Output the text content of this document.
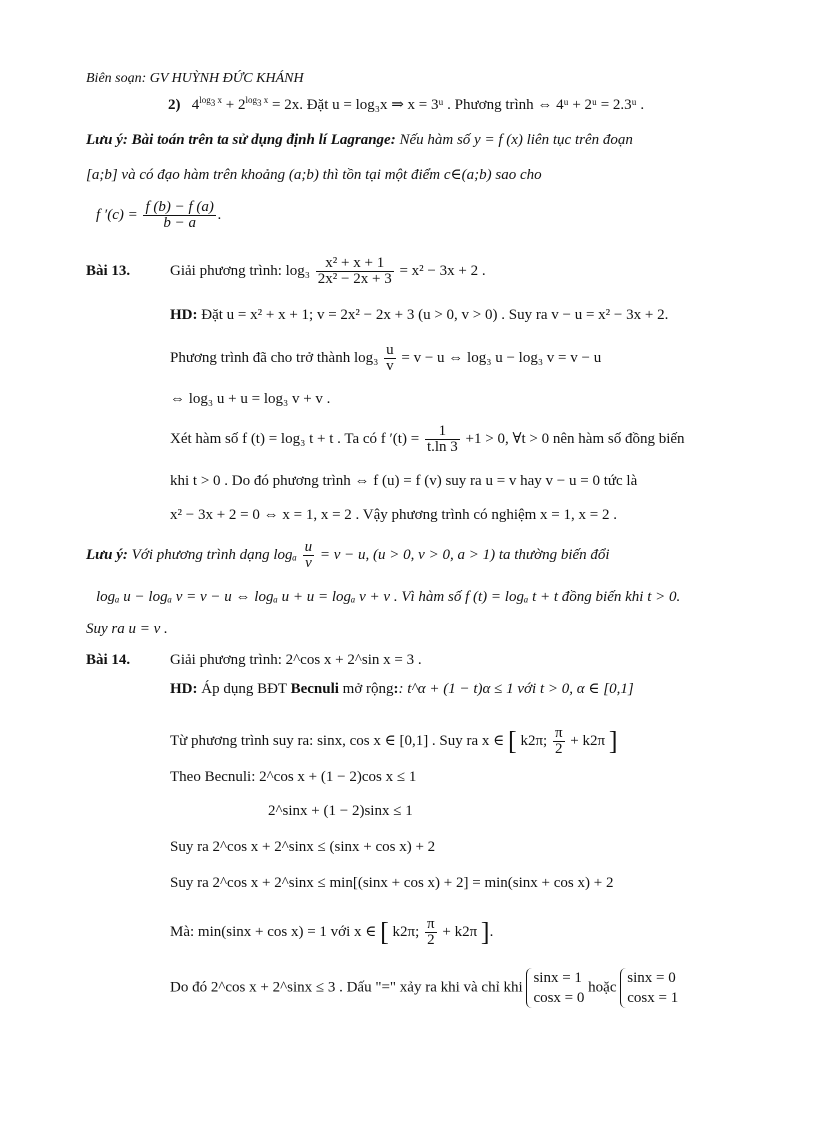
Biên soạn: GV HUỲNH ĐỨC KHÁNH
2)   $4^{log_3 x} + 2^{log_3 x} = 2x$. Đặt u = log₃x ⇒ x = 3ᵘ . Phương trình ⇔ 4ᵘ + 2ᵘ = 2.3ᵘ .
Lưu ý: Bài toán trên ta sử dụng định lí Lagrange: Nếu hàm số y = f (x) liên tục trên đoạn
[a;b] và có đạo hàm trên khoảng (a;b) thì tồn tại một điểm c∈(a;b) sao cho
f $'(c) = \frac{f (b) - f (a)}{b - a}$ .
Bài 13.	Giải phương trình: $\log_3 \frac{\text{x² + x + 1}}{\text{2x² − 2x + 3}} = x^2 - 3x + 2$ .
HD: Đặt u = x² + x + 1; v = 2x² − 2x + 3 (u > 0, v > 0) . Suy ra v − u = x² − 3x + 2.
Phương trình đã cho trở thành $\log_3 \frac{u}{v} = v - u$ ⇔ log₃ u − log₃ v = v − u
⇔ log₃ u + u = log₃ v + v .
Xét hàm số f (t) = log₃ t + t . Ta có f $'(t) = \frac{1}{t.\ln 3} +1 > 0$, ∀t > 0 nên hàm số đồng biến
khi t > 0 . Do đó phương trình ⇔ f (u) = f (v) suy ra u = v hay v − u = 0 tức là
x² − 3x + 2 = 0 ⇔ x = 1, x = 2 . Vậy phương trình có nghiệm x = 1, x = 2 .
Lưu ý: Với phương trình dạng logₐ $\frac{u}{v} = v - u$, (u > 0, v > 0, a > 1) ta thường biến đổi
logₐ u − logₐ v = v − u ⇔ logₐ u + u = logₐ v + v . Vì hàm số f (t) = logₐ t + t đồng biến khi t > 0.
Suy ra u = v .
Bài 14.	Giải phương trình: 2^cos x + 2^sin x = 3 .
HD: Áp dụng BĐT Becnuli mở rộng:: t^α + (1 − t)α ≤ 1 với t > 0, α ∈ [0,1]
Từ phương trình suy ra: sinx, cos x ∈ [0,1] . Suy ra x ∈ [ k2π; $\frac{\pi}{2} + k2\pi$ ]
Theo Becnuli: 2^cos x + (1 − 2)cos x ≤ 1
2^sinx + (1 − 2)sinx ≤ 1
Suy ra 2^cos x + 2^sinx ≤ (sinx + cos x) + 2
Suy ra 2^cos x + 2^sinx ≤ min[(sinx + cos x) + 2] = min(sinx + cos x) + 2
Mà: min(sinx + cos x) = 1 với x ∈ [ k2π; $\frac{\pi}{2} + k2\pi$ ].
Do đó 2^cos x + 2^sinx ≤ 3 . Dấu "=" xảy ra khi và chỉ khi
sinx = 1
cosx = 0
hoặc
sinx = 0
cosx = 1
